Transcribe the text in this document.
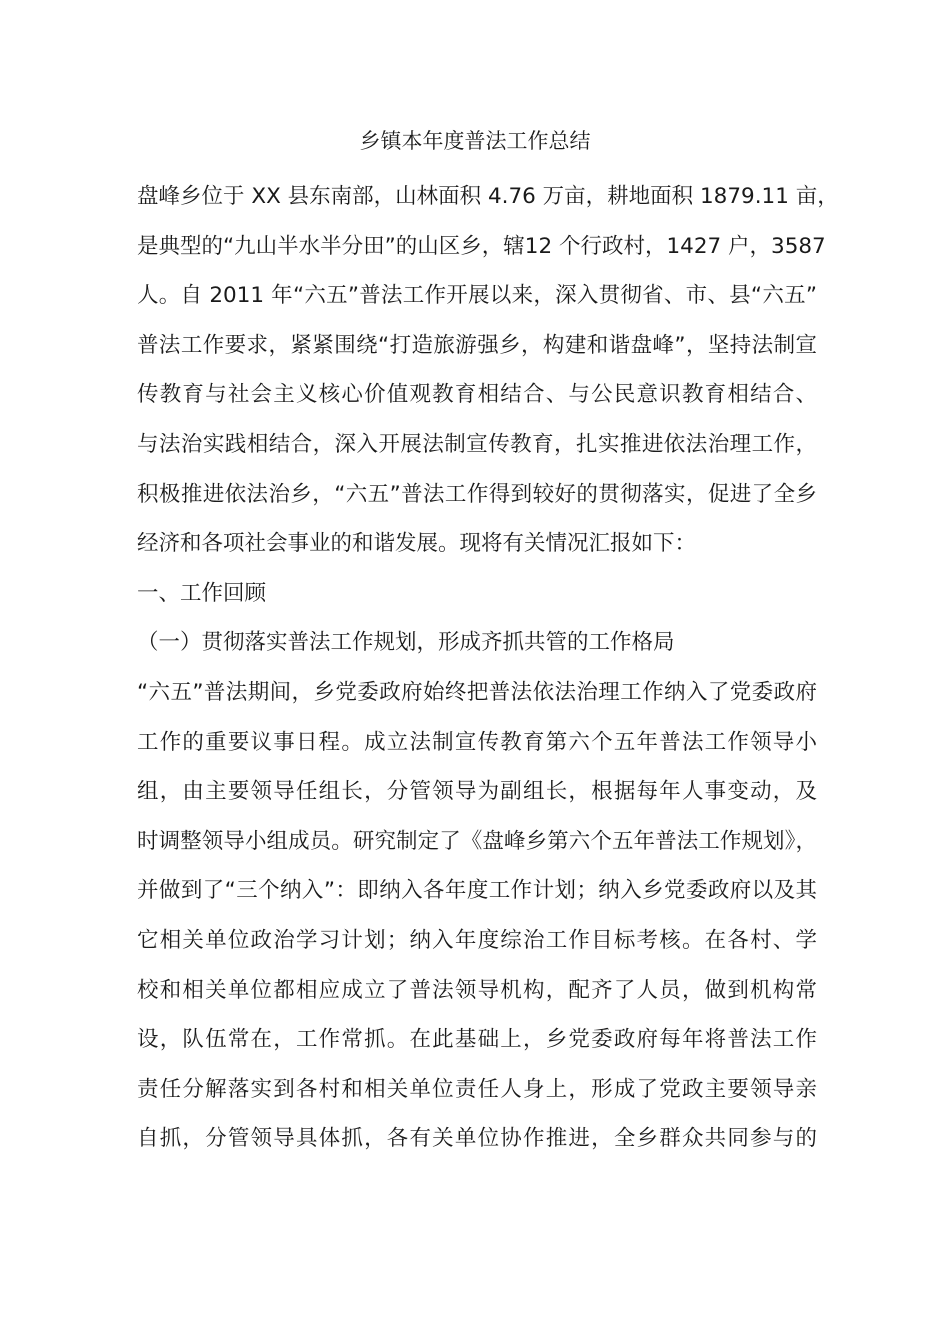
乡镇本年度普法工作总结
盘峰乡位于 XX 县东南部，山林面积 4.76 万亩，耕地面积 1879.11 亩，
是典型的“九山半水半分田”的山区乡，辖12 个行政村，1427 户，3587
人。自 2011 年“六五”普法工作开展以来，深入贯彻省、市、县“六五”
普法工作要求，紧紧围绕“打造旅游强乡，构建和谐盘峰”，坚持法制宣
传教育与社会主义核心价值观教育相结合、与公民意识教育相结合、
与法治实践相结合，深入开展法制宣传教育，扎实推进依法治理工作，
积极推进依法治乡，“六五”普法工作得到较好的贯彻落实，促进了全乡
经济和各项社会事业的和谐发展。现将有关情况汇报如下：
一、工作回顾
（一）贯彻落实普法工作规划，形成齐抓共管的工作格局
“六五”普法期间，乡党委政府始终把普法依法治理工作纳入了党委政府
工作的重要议事日程。成立法制宣传教育第六个五年普法工作领导小
组，由主要领导任组长，分管领导为副组长，根据每年人事变动，及
时调整领导小组成员。研究制定了《盘峰乡第六个五年普法工作规划》，
并做到了“三个纳入”：即纳入各年度工作计划；纳入乡党委政府以及其
它相关单位政治学习计划；纳入年度综治工作目标考核。在各村、学
校和相关单位都相应成立了普法领导机构，配齐了人员，做到机构常
设，队伍常在，工作常抓。在此基础上，乡党委政府每年将普法工作
责任分解落实到各村和相关单位责任人身上，形成了党政主要领导亲
自抓，分管领导具体抓，各有关单位协作推进，全乡群众共同参与的
